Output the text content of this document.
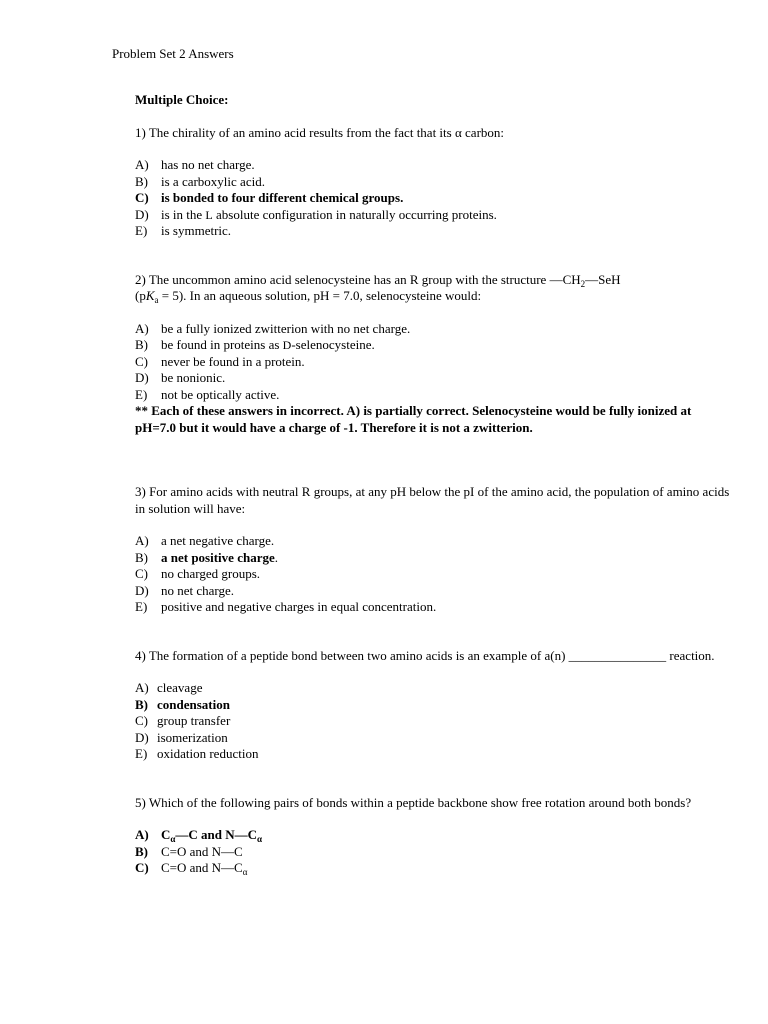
Problem Set 2 Answers

Multiple Choice:

1) The chirality of an amino acid results from the fact that its α carbon:

A) has no net charge.
B)	is a carboxylic acid.
C) is bonded to four different chemical groups.
D) is in the L absolute configuration in naturally occurring proteins.
E)	is symmetric.

2) The uncommon amino acid selenocysteine has an R group with the structure $—CH_2—SeH$
$(pK_a = 5)$. In an aqueous solution, pH = 7.0, selenocysteine would:

A) be a fully ionized zwitterion with no net charge.
B)	be found in proteins as D-selenocysteine.
C)	never be found in a protein.
D) be nonionic.
E)	not be optically active.

** Each of these answers in incorrect. A) is partially correct. Selenocysteine would be fully ionized at pH=7.0 but it would have a charge of -1. Therefore it is not a zwitterion.

3) For amino acids with neutral R groups, at any pH below the pI of the amino acid, the population of amino acids in solution will have:

A) a net negative charge.
B)	a net positive charge.
C)	no charged groups.
D) no net charge.
E)	positive and negative charges in equal concentration.

4) The formation of a peptide bond between two amino acids is an example of a(n) _______________ reaction.

A) cleavage
B) condensation
C) group transfer
D) isomerization
E) oxidation reduction

5) Which of the following pairs of bonds within a peptide backbone show free rotation around both bonds?

A) $C_\alpha—C$ and $N—C_\alpha$
B)	C=O and N—C
C) C=O and $N—C_\alpha$
